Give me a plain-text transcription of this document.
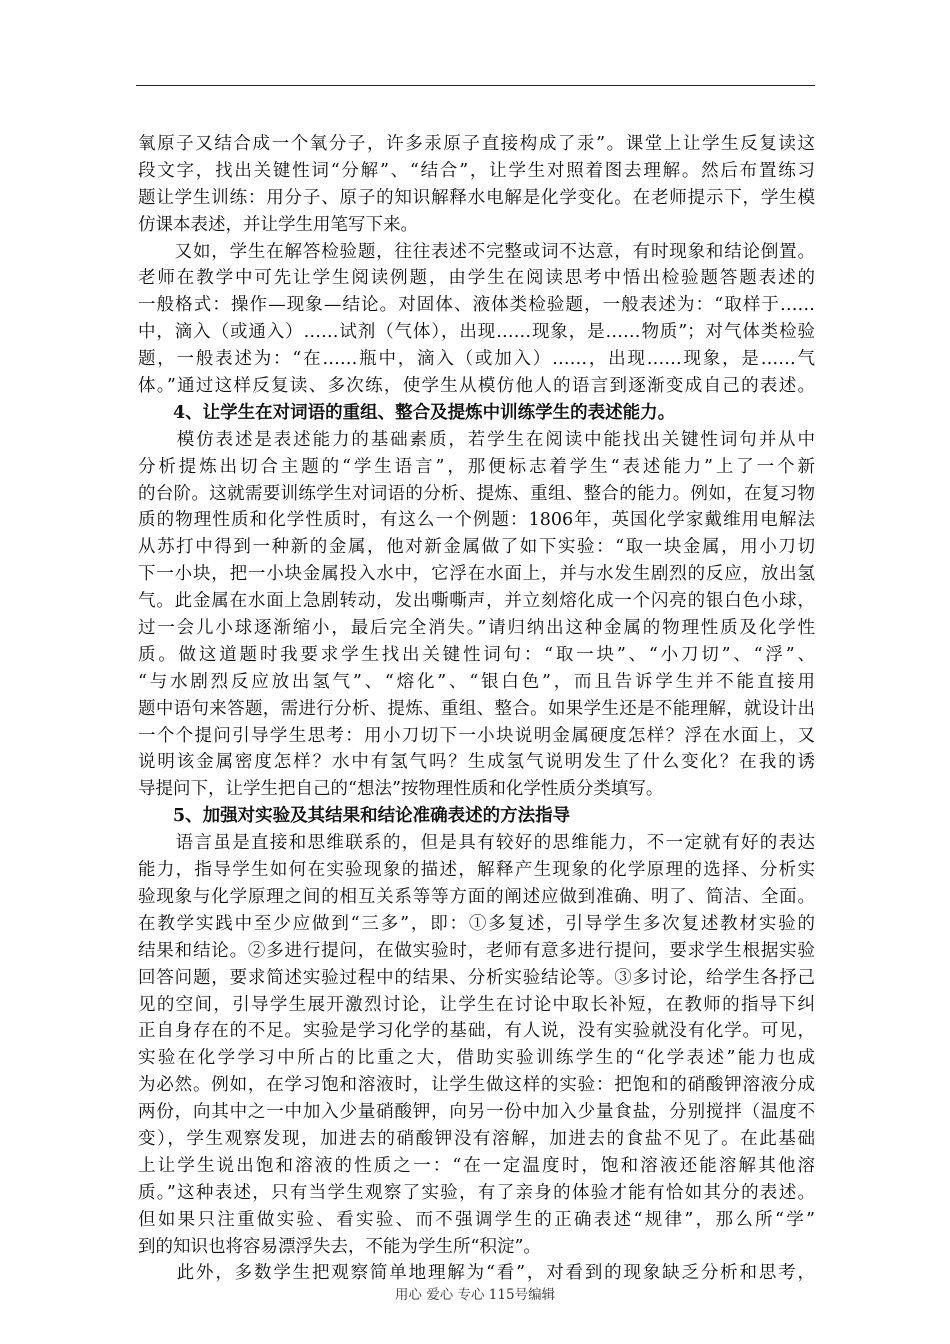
氧原子又结合成一个氧分子，许多汞原子直接构成了汞”。课堂上让学生反复读这
段文字，找出关键性词“分解”、“结合”，让学生对照着图去理解。然后布置练习
题让学生训练：用分子、原子的知识解释水电解是化学变化。在老师提示下，学生模
仿课本表述，并让学生用笔写下来。
　　又如，学生在解答检验题，往往表述不完整或词不达意，有时现象和结论倒置。
老师在教学中可先让学生阅读例题，由学生在阅读思考中悟出检验题答题表述的
一般格式：操作—现象—结论。对固体、液体类检验题，一般表述为：“取样于……
中，滴入（或通入）……试剂（气体），出现……现象，是……物质”；对气体类检验
题，一般表述为：“在……瓶中，滴入（或加入）……，出现……现象，是……气
体。”通过这样反复读、多次练，使学生从模仿他人的语言到逐渐变成自己的表述。
　　4、让学生在对词语的重组、整合及提炼中训练学生的表述能力。
　　模仿表述是表述能力的基础素质，若学生在阅读中能找出关键性词句并从中
分析提炼出切合主题的“学生语言”，那便标志着学生“表述能力”上了一个新
的台阶。这就需要训练学生对词语的分析、提炼、重组、整合的能力。例如，在复习物
质的物理性质和化学性质时，有这么一个例题：1806年，英国化学家戴维用电解法
从苏打中得到一种新的金属，他对新金属做了如下实验：“取一块金属，用小刀切
下一小块，把一小块金属投入水中，它浮在水面上，并与水发生剧烈的反应，放出氢
气。此金属在水面上急剧转动，发出嘶嘶声，并立刻熔化成一个闪亮的银白色小球，
过一会儿小球逐渐缩小，最后完全消失。”请归纳出这种金属的物理性质及化学性
质。做这道题时我要求学生找出关键性词句：“取一块”、“小刀切”、“浮”、
“与水剧烈反应放出氢气”、“熔化”、“银白色”，而且告诉学生并不能直接用
题中语句来答题，需进行分析、提炼、重组、整合。如果学生还是不能理解，就设计出
一个个提问引导学生思考：用小刀切下一小块说明金属硬度怎样？浮在水面上，又
说明该金属密度怎样？水中有氢气吗？生成氢气说明发生了什么变化？在我的诱
导提问下，让学生把自己的“想法”按物理性质和化学性质分类填写。
　　5、加强对实验及其结果和结论准确表述的方法指导
　　语言虽是直接和思维联系的，但是具有较好的思维能力，不一定就有好的表达
能力，指导学生如何在实验现象的描述，解释产生现象的化学原理的选择、分析实
验现象与化学原理之间的相互关系等等方面的阐述应做到准确、明了、简洁、全面。
在教学实践中至少应做到“三多”，即：①多复述，引导学生多次复述教材实验的
结果和结论。②多进行提问，在做实验时，老师有意多进行提问，要求学生根据实验
回答问题，要求简述实验过程中的结果、分析实验结论等。③多讨论，给学生各抒己
见的空间，引导学生展开激烈讨论，让学生在讨论中取长补短，在教师的指导下纠
正自身存在的不足。实验是学习化学的基础，有人说，没有实验就没有化学。可见，
实验在化学学习中所占的比重之大，借助实验训练学生的“化学表述”能力也成
为必然。例如，在学习饱和溶液时，让学生做这样的实验：把饱和的硝酸钾溶液分成
两份，向其中之一中加入少量硝酸钾，向另一份中加入少量食盐，分别搅拌（温度不
变），学生观察发现，加进去的硝酸钾没有溶解，加进去的食盐不见了。在此基础
上让学生说出饱和溶液的性质之一：“在一定温度时，饱和溶液还能溶解其他溶
质。”这种表述，只有当学生观察了实验，有了亲身的体验才能有恰如其分的表述。
但如果只注重做实验、看实验、而不强调学生的正确表述“规律”，那么所“学”
到的知识也将容易漂浮失去，不能为学生所“积淀”。
　　此外，多数学生把观察简单地理解为“看”，对看到的现象缺乏分析和思考，
用心 爱心 专心 115号编辑
